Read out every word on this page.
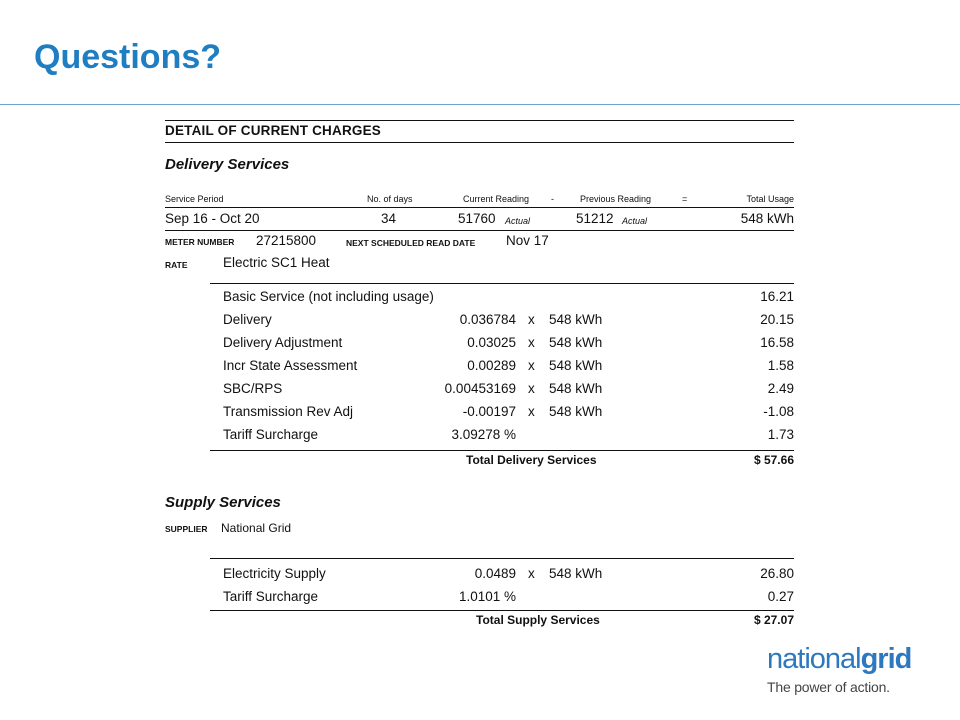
Questions?
DETAIL OF CURRENT CHARGES
Delivery Services
Service Period	No. of days	Current Reading -	Previous Reading	=	Total Usage
Sep 16 - Oct 20	34	51760 Actual	51212 Actual	548 kWh
METER NUMBER 27215800	NEXT SCHEDULED READ DATE Nov 17
RATE	Electric SC1 Heat
Basic Service (not including usage)	16.21
Delivery	0.036784 x 548 kWh	20.15
Delivery Adjustment	0.03025 x 548 kWh	16.58
Incr State Assessment	0.00289 x 548 kWh	1.58
SBC/RPS	0.00453169 x 548 kWh	2.49
Transmission Rev Adj	-0.00197 x 548 kWh	-1.08
Tariff Surcharge	3.09278 %	1.73
Total Delivery Services	$ 57.66
Supply Services
SUPPLIER National Grid
Electricity Supply	0.0489 x 548 kWh	26.80
Tariff Surcharge	1.0101 %	0.27
Total Supply Services	$ 27.07
nationalgrid
The power of action.
